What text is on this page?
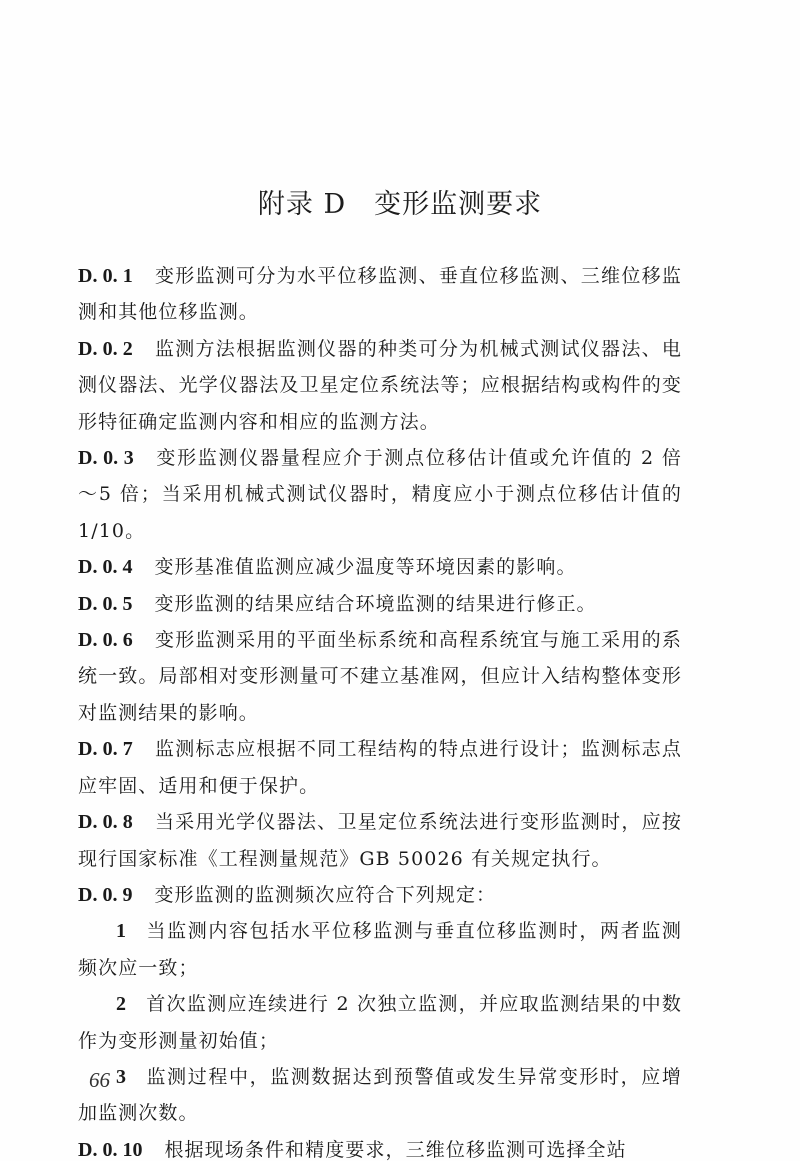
附录 D 变形监测要求

D. 0. 1 变形监测可分为水平位移监测、垂直位移监测、三维位移监测和其他位移监测。

D. 0. 2 监测方法根据监测仪器的种类可分为机械式测试仪器法、电测仪器法、光学仪器法及卫星定位系统法等；应根据结构或构件的变形特征确定监测内容和相应的监测方法。

D. 0. 3 变形监测仪器量程应介于测点位移估计值或允许值的 2 倍～5 倍；当采用机械式测试仪器时，精度应小于测点位移估计值的 1/10。

D. 0. 4 变形基准值监测应减少温度等环境因素的影响。

D. 0. 5 变形监测的结果应结合环境监测的结果进行修正。

D. 0. 6 变形监测采用的平面坐标系统和高程系统宜与施工采用的系统一致。局部相对变形测量可不建立基准网，但应计入结构整体变形对监测结果的影响。

D. 0. 7 监测标志应根据不同工程结构的特点进行设计；监测标志点应牢固、适用和便于保护。

D. 0. 8 当采用光学仪器法、卫星定位系统法进行变形监测时，应按现行国家标准《工程测量规范》GB 50026 有关规定执行。

D. 0. 9 变形监测的监测频次应符合下列规定：

1 当监测内容包括水平位移监测与垂直位移监测时，两者监测频次应一致；

2 首次监测应连续进行 2 次独立监测，并应取监测结果的中数作为变形测量初始值；

3 监测过程中，监测数据达到预警值或发生异常变形时，应增加监测次数。

D. 0. 10 根据现场条件和精度要求，三维位移监测可选择全站

66
